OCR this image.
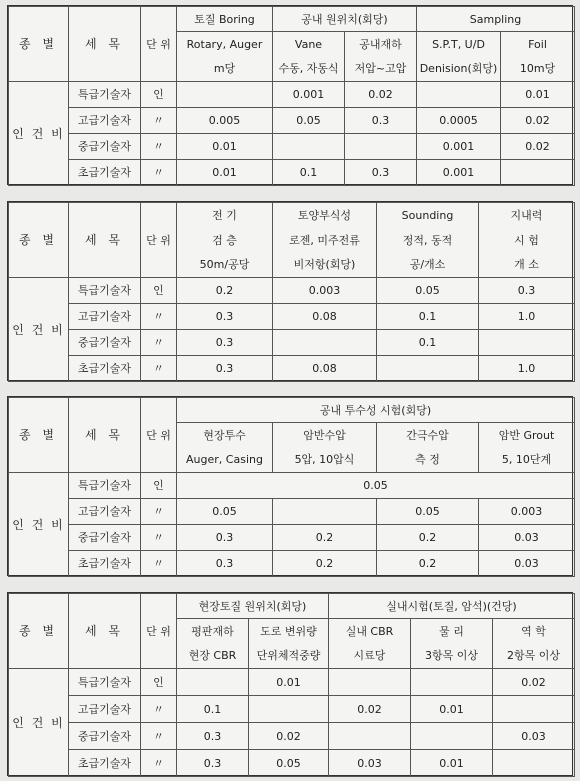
종 별	세 목	단 위	토질 Boring	공내 원위치(회당)		Sampling	
			Rotary, Auger	Vane	공내재하	S.P.T, U/D	Foil
			m당	수동, 자동식	저압~고압	Denision(회당)	10m당
인 건 비	특급기술자	인		0.001	0.02		0.01
	고급기술자	〃	0.005	0.05	0.3	0.0005	0.02
	중급기술자	〃	0.01			0.001	0.02
	초급기술자	〃	0.01	0.1	0.3	0.001	
종 별	세 목	단 위	전 기	토양부식성	Sounding	지내력
			검 층	로젠, 미주전류	정적, 동적	시 험
			50m/공당	비저항(회당)	공/개소	개 소
인 건 비	특급기술자	인	0.2	0.003	0.05	0.3
	고급기술자	〃	0.3	0.08	0.1	1.0
	중급기술자	〃	0.3		0.1	
	초급기술자	〃	0.3	0.08		1.0
종 별	세 목	단 위	공내 투수성 시험(회당)			
			현장투수	암반수압	간극수압	암반 Grout
			Auger, Casing	5압, 10압식	측 정	5, 10단계
인 건 비	특급기술자	인	0.05			
	고급기술자	〃	0.05		0.05	0.003
	중급기술자	〃	0.3	0.2	0.2	0.03
	초급기술자	〃	0.3	0.2	0.2	0.03
종 별	세 목	단 위	현장토질 원위치(회당)		실내시험(토질, 암석)(건당)		
			평판재하	도로 변위량	실내 CBR	물 리	역 학
			현장 CBR	단위체적중량	시료당	3항목 이상	2항목 이상
인 건 비	특급기술자	인		0.01			0.02
	고급기술자	〃	0.1		0.02	0.01	
	중급기술자	〃	0.3	0.02			0.03
	초급기술자	〃	0.3	0.05	0.03	0.01	
